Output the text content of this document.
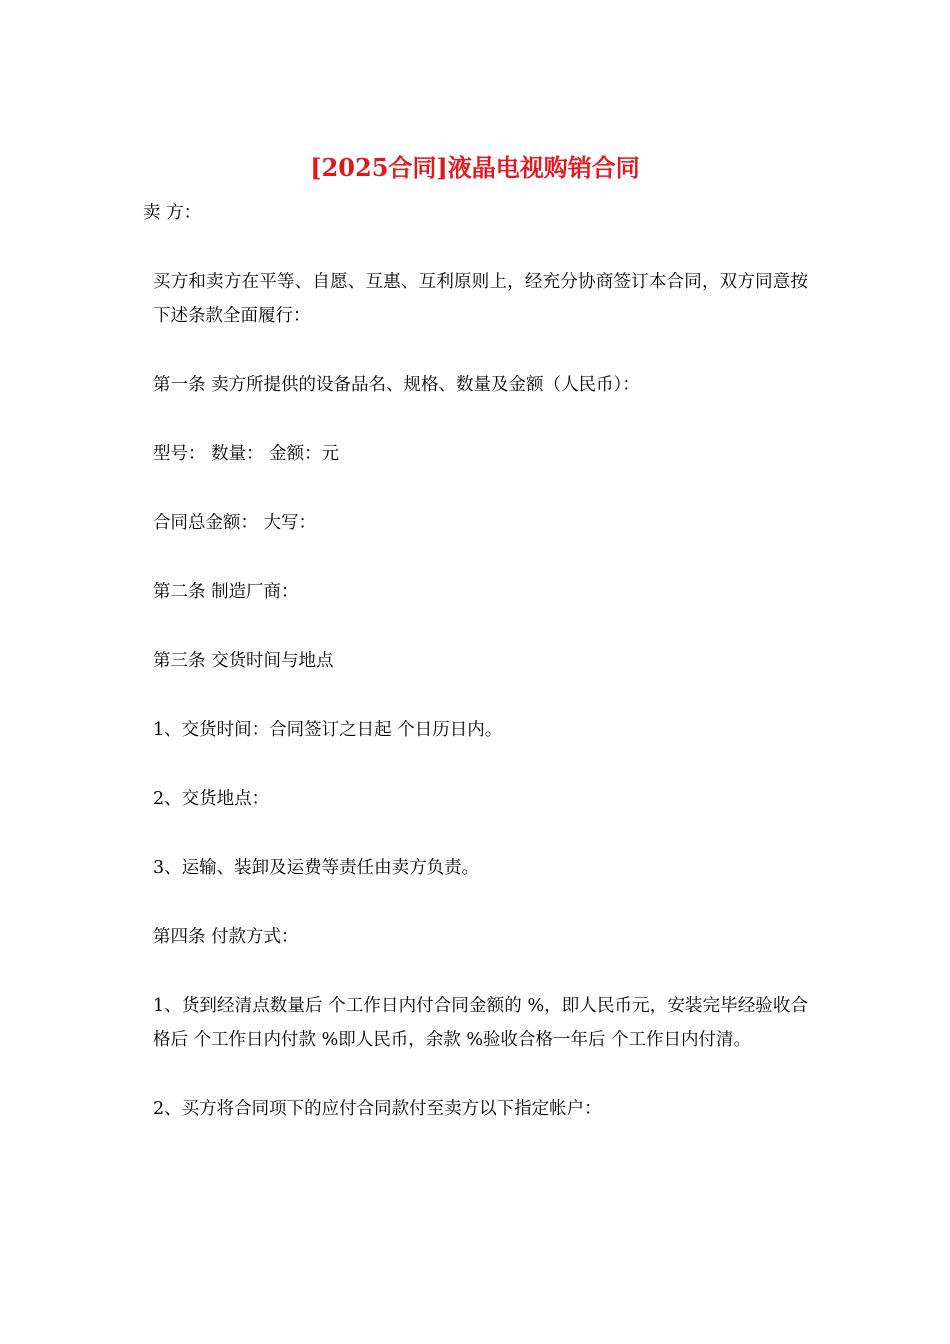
[2025合同]液晶电视购销合同

卖 方：

买方和卖方在平等、自愿、互惠、互利原则上，经充分协商签订本合同，双方同意按下述条款全面履行：

第一条 卖方所提供的设备品名、规格、数量及金额（人民币）：

型号： 数量： 金额：元

合同总金额： 大写：

第二条 制造厂商：

第三条 交货时间与地点

1、交货时间：合同签订之日起 个日历日内。

2、交货地点：

3、运输、装卸及运费等责任由卖方负责。

第四条 付款方式：

1、货到经清点数量后 个工作日内付合同金额的 %，即人民币元，安装完毕经验收合格后 个工作日内付款 %即人民币，余款 %验收合格一年后 个工作日内付清。

2、买方将合同项下的应付合同款付至卖方以下指定帐户：
